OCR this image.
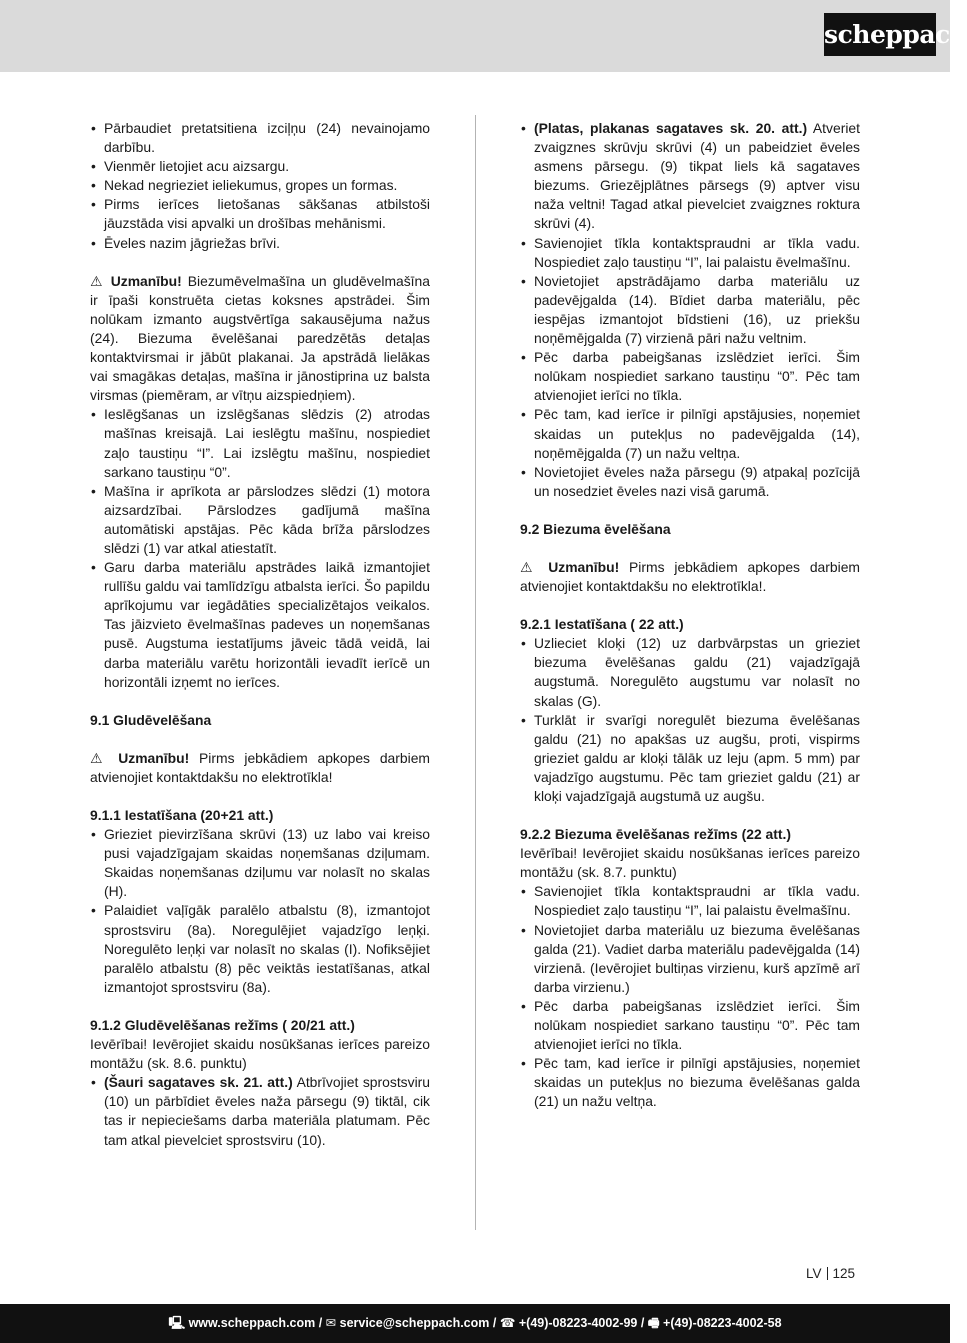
scheppach
• Pārbaudiet pretatsitiena izciļņu (24) nevainojamo darbību.
• Vienmēr lietojiet acu aizsargu.
• Nekad negrieziet ieliekumus, gropes un formas.
• Pirms ierīces lietošanas sākšanas atbilstoši jāuzstāda visi apvalki un drošības mehānismi.
• Ēveles nazim jāgriežas brīvi.

⚠ Uzmanību! Biezumēvelmašīna un gludēvelmašīna ir īpaši konstruēta cietas koksnes apstrādei. Šim nolūkam izmanto augstvērtīga sakausējuma nažus (24). Biezuma ēvelēšanai paredzētās detaļas kontaktvirsmai ir jābūt plakanai. Ja apstrādā lielākas vai smagākas detaļas, mašīna ir jānostiprina uz balsta virsmas (piemēram, ar vītņu aizspiedņiem).

• Ieslēgšanas un izslēgšanas slēdzis (2) atrodas mašīnas kreisajā. Lai ieslēgtu mašīnu, nospiediet zaļo taustiņu “I”. Lai izslēgtu mašīnu, nospiediet sarkano taustiņu “0”.
• Mašīna ir aprīkota ar pārslodzes slēdzi (1) motora aizsardzībai. Pārslodzes gadījumā mašīna automātiski apstājas. Pēc kāda brīža pārslodzes slēdzi (1) var atkal atiestatīt.
• Garu darba materiālu apstrādes laikā izmantojiet rullīšu galdu vai tamlīdzīgu atbalsta ierīci. Šo papildu aprīkojumu var iegādāties specializētajos veikalos. Tas jāizvieto ēvelmašīnas padeves un noņemšanas pusē. Augstuma iestatījums jāveic tādā veidā, lai darba materiālu varētu horizontāli ievadīt ierīcē un horizontāli izņemt no ierīces.

9.1 Gludēvelēšana

⚠ Uzmanību! Pirms jebkādiem apkopes darbiem atvienojiet kontaktdakšu no elektrotīkla!

9.1.1 Iestatīšana (20+21 att.)

• Grieziet pievirzīšana skrūvi (13) uz labo vai kreiso pusi vajadzīgajam skaidas noņemšanas dziļumam. Skaidas noņemšanas dziļumu var nolasīt no skalas (H).
• Palaidiet vaļīgāk paralēlo atbalstu (8), izmantojot sprostsviru (8a). Noregulējiet vajadzīgo leņķi. Noregulēto leņķi var nolasīt no skalas (I). Nofiksējiet paralēlo atbalstu (8) pēc veiktās iestatīšanas, atkal izmantojot sprostsviru (8a).

9.1.2 Gludēvelēšanas režīms ( 20/21 att.)

Ievērībai! Ievērojiet skaidu nosūkšanas ierīces pareizo montāžu (sk. 8.6. punktu)

• (Šauri sagataves sk. 21. att.) Atbrīvojiet sprostsviru (10) un pārbīdiet ēveles naža pārsegu (9) tiktāl, cik tas ir nepieciešams darba materiāla platumam. Pēc tam atkal pievelciet sprostsviru (10).
• (Platas, plakanas sagataves sk. 20. att.) Atveriet zvaigznes skrūvju skrūvi (4) un pabeidziet ēveles asmens pārsegu. (9) tikpat liels kā sagataves biezums. Griezējplātnes pārsegs (9) aptver visu naža veltni! Tagad atkal pievelciet zvaigznes roktura skrūvi (4).
• Savienojiet tīkla kontaktspraudni ar tīkla vadu. Nospiediet zaļo taustiņu “I”, lai palaistu ēvelmašīnu.
• Novietojiet apstrādājamo darba materiālu uz padevējgalda (14). Bīdiet darba materiālu, pēc iespējas izmantojot bīdstieni (16), uz priekšu noņēmējgalda (7) virzienā pāri nažu veltnim.
• Pēc darba pabeigšanas izslēdziet ierīci. Šim nolūkam nospiediet sarkano taustiņu “0”. Pēc tam atvienojiet ierīci no tīkla.
• Pēc tam, kad ierīce ir pilnīgi apstājusies, noņemiet skaidas un putekļus no padevējgalda (14), noņēmējgalda (7) un nažu veltņa.
• Novietojiet ēveles naža pārsegu (9) atpakaļ pozīcijā un nosedziet ēveles nazi visā garumā.

9.2 Biezuma ēvelēšana

⚠ Uzmanību! Pirms jebkādiem apkopes darbiem atvienojiet kontaktdakšu no elektrotīkla!.

9.2.1 Iestatīšana ( 22 att.)

• Uzlieciet kloķi (12) uz darbvārpstas un grieziet biezuma ēvelēšanas galdu (21) vajadzīgajā augstumā. Noregulēto augstumu var nolasīt no skalas (G).
• Turklāt ir svarīgi noregulēt biezuma ēvelēšanas galdu (21) no apakšas uz augšu, proti, vispirms grieziet galdu ar kloķi tālāk uz leju (apm. 5 mm) par vajadzīgo augstumu. Pēc tam grieziet galdu (21) ar kloķi vajadzīgajā augstumā uz augšu.

9.2.2 Biezuma ēvelēšanas režīms (22 att.)

Ievērībai! Ievērojiet skaidu nosūkšanas ierīces pareizo montāžu (sk. 8.7. punktu)

• Savienojiet tīkla kontaktspraudni ar tīkla vadu. Nospiediet zaļo taustiņu “I”, lai palaistu ēvelmašīnu.
• Novietojiet darba materiālu uz biezuma ēvelēšanas galda (21). Vadiet darba materiālu padevējgalda (14) virzienā. (Ievērojiet bultiņas virzienu, kurš apzīmē arī darba virzienu.)
• Pēc darba pabeigšanas izslēdziet ierīci. Šim nolūkam nospiediet sarkano taustiņu “0”. Pēc tam atvienojiet ierīci no tīkla.
• Pēc tam, kad ierīce ir pilnīgi apstājusies, noņemiet skaidas un putekļus no biezuma ēvelēšanas galda (21) un nažu veltņa.
LV 125
🖳 www.scheppach.com / ✉ service@scheppach.com / ☎ +(49)-08223-4002-99 / 🖷 +(49)-08223-4002-58
